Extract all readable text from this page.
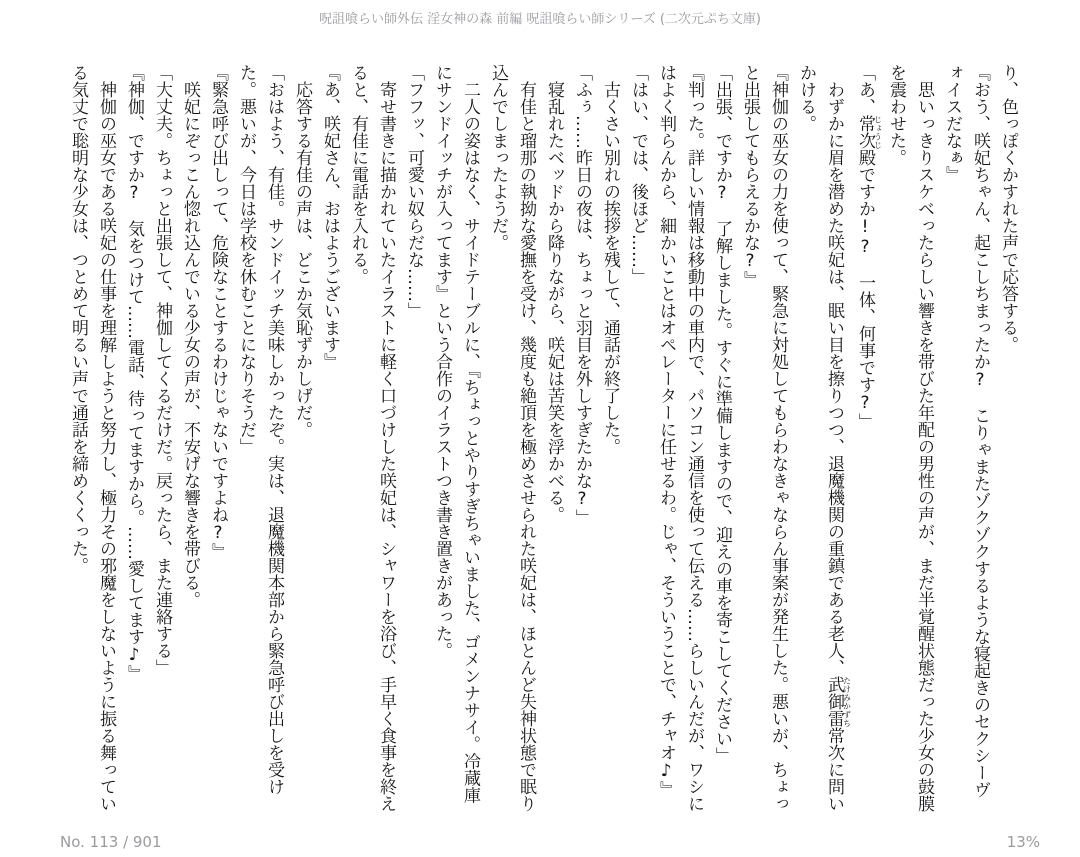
呪詛喰らい師外伝 淫女神の森 前編 呪詛喰らい師シリーズ (二次元ぷち文庫)

り、色っぽくかすれた声で応答する。

『おう、咲妃ちゃん、起こしちまったか?　こりゃまたゾクゾクするような寝起きのセクシーヴォイスだなぁ』

思いっきりスケベったらしい響きを帯びた年配の男性の声が、まだ半覚醒状態だった少女の鼓膜を震わせた。

「あ、常次じょうじ殿ですか!?　一体、何事です?」

わずかに眉を潜めた咲妃は、眠い目を擦りつつ、退魔機関の重鎮である老人、武御雷たけみかずち常次に問いかける。

『神伽の巫女の力を使って、緊急に対処してもらわなきゃならん事案が発生した。悪いが、ちょっと出張してもらえるかな?』

「出張、ですか?　了解しました。すぐに準備しますので、迎えの車を寄こしてください」

『判った。詳しい情報は移動中の車内で、パソコン通信を使って伝える……らしいんだが、ワシにはよく判らんから、細かいことはオペレーターに任せるわ。じゃ、そういうことで、チャオ♪』

「はい、では、後ほど……」

古くさい別れの挨拶を残して、通話が終了した。

「ふぅ……昨日の夜は、ちょっと羽目を外しすぎたかな?」

寝乱れたベッドから降りながら、咲妃は苦笑を浮かべる。

有佳と瑠那の執拗な愛撫を受け、幾度も絶頂を極めさせられた咲妃は、ほとんど失神状態で眠り込んでしまったようだ。

二人の姿はなく、サイドテーブルに、『ちょっとやりすぎちゃいました、ゴメンナサイ。冷蔵庫にサンドイッチが入ってます』という合作のイラストつき書き置きがあった。

「フフッ、可愛い奴らだな……」

寄せ書きに描かれていたイラストに軽く口づけした咲妃は、シャワーを浴び、手早く食事を終えると、有佳に電話を入れる。

『あ、咲妃さん、おはようございます』

応答する有佳の声は、どこか気恥ずかしげだ。

「おはよう、有佳。サンドイッチ美味しかったぞ。実は、退魔機関本部から緊急呼び出しを受けた。悪いが、今日は学校を休むことになりそうだ」

『緊急呼び出しって、危険なことするわけじゃないですよね?』

咲妃にぞっこん惚れ込んでいる少女の声が、不安げな響きを帯びる。

「大丈夫。ちょっと出張して、神伽してくるだけだ。戻ったら、また連絡する」

『神伽、ですか?　気をつけて……電話、待ってますから。……愛してます♪』

神伽の巫女である咲妃の仕事を理解しようと努力し、極力その邪魔をしないように振る舞っている気丈で聡明な少女は、つとめて明るい声で通話を締めくくった。

No. 113 / 901	13%
